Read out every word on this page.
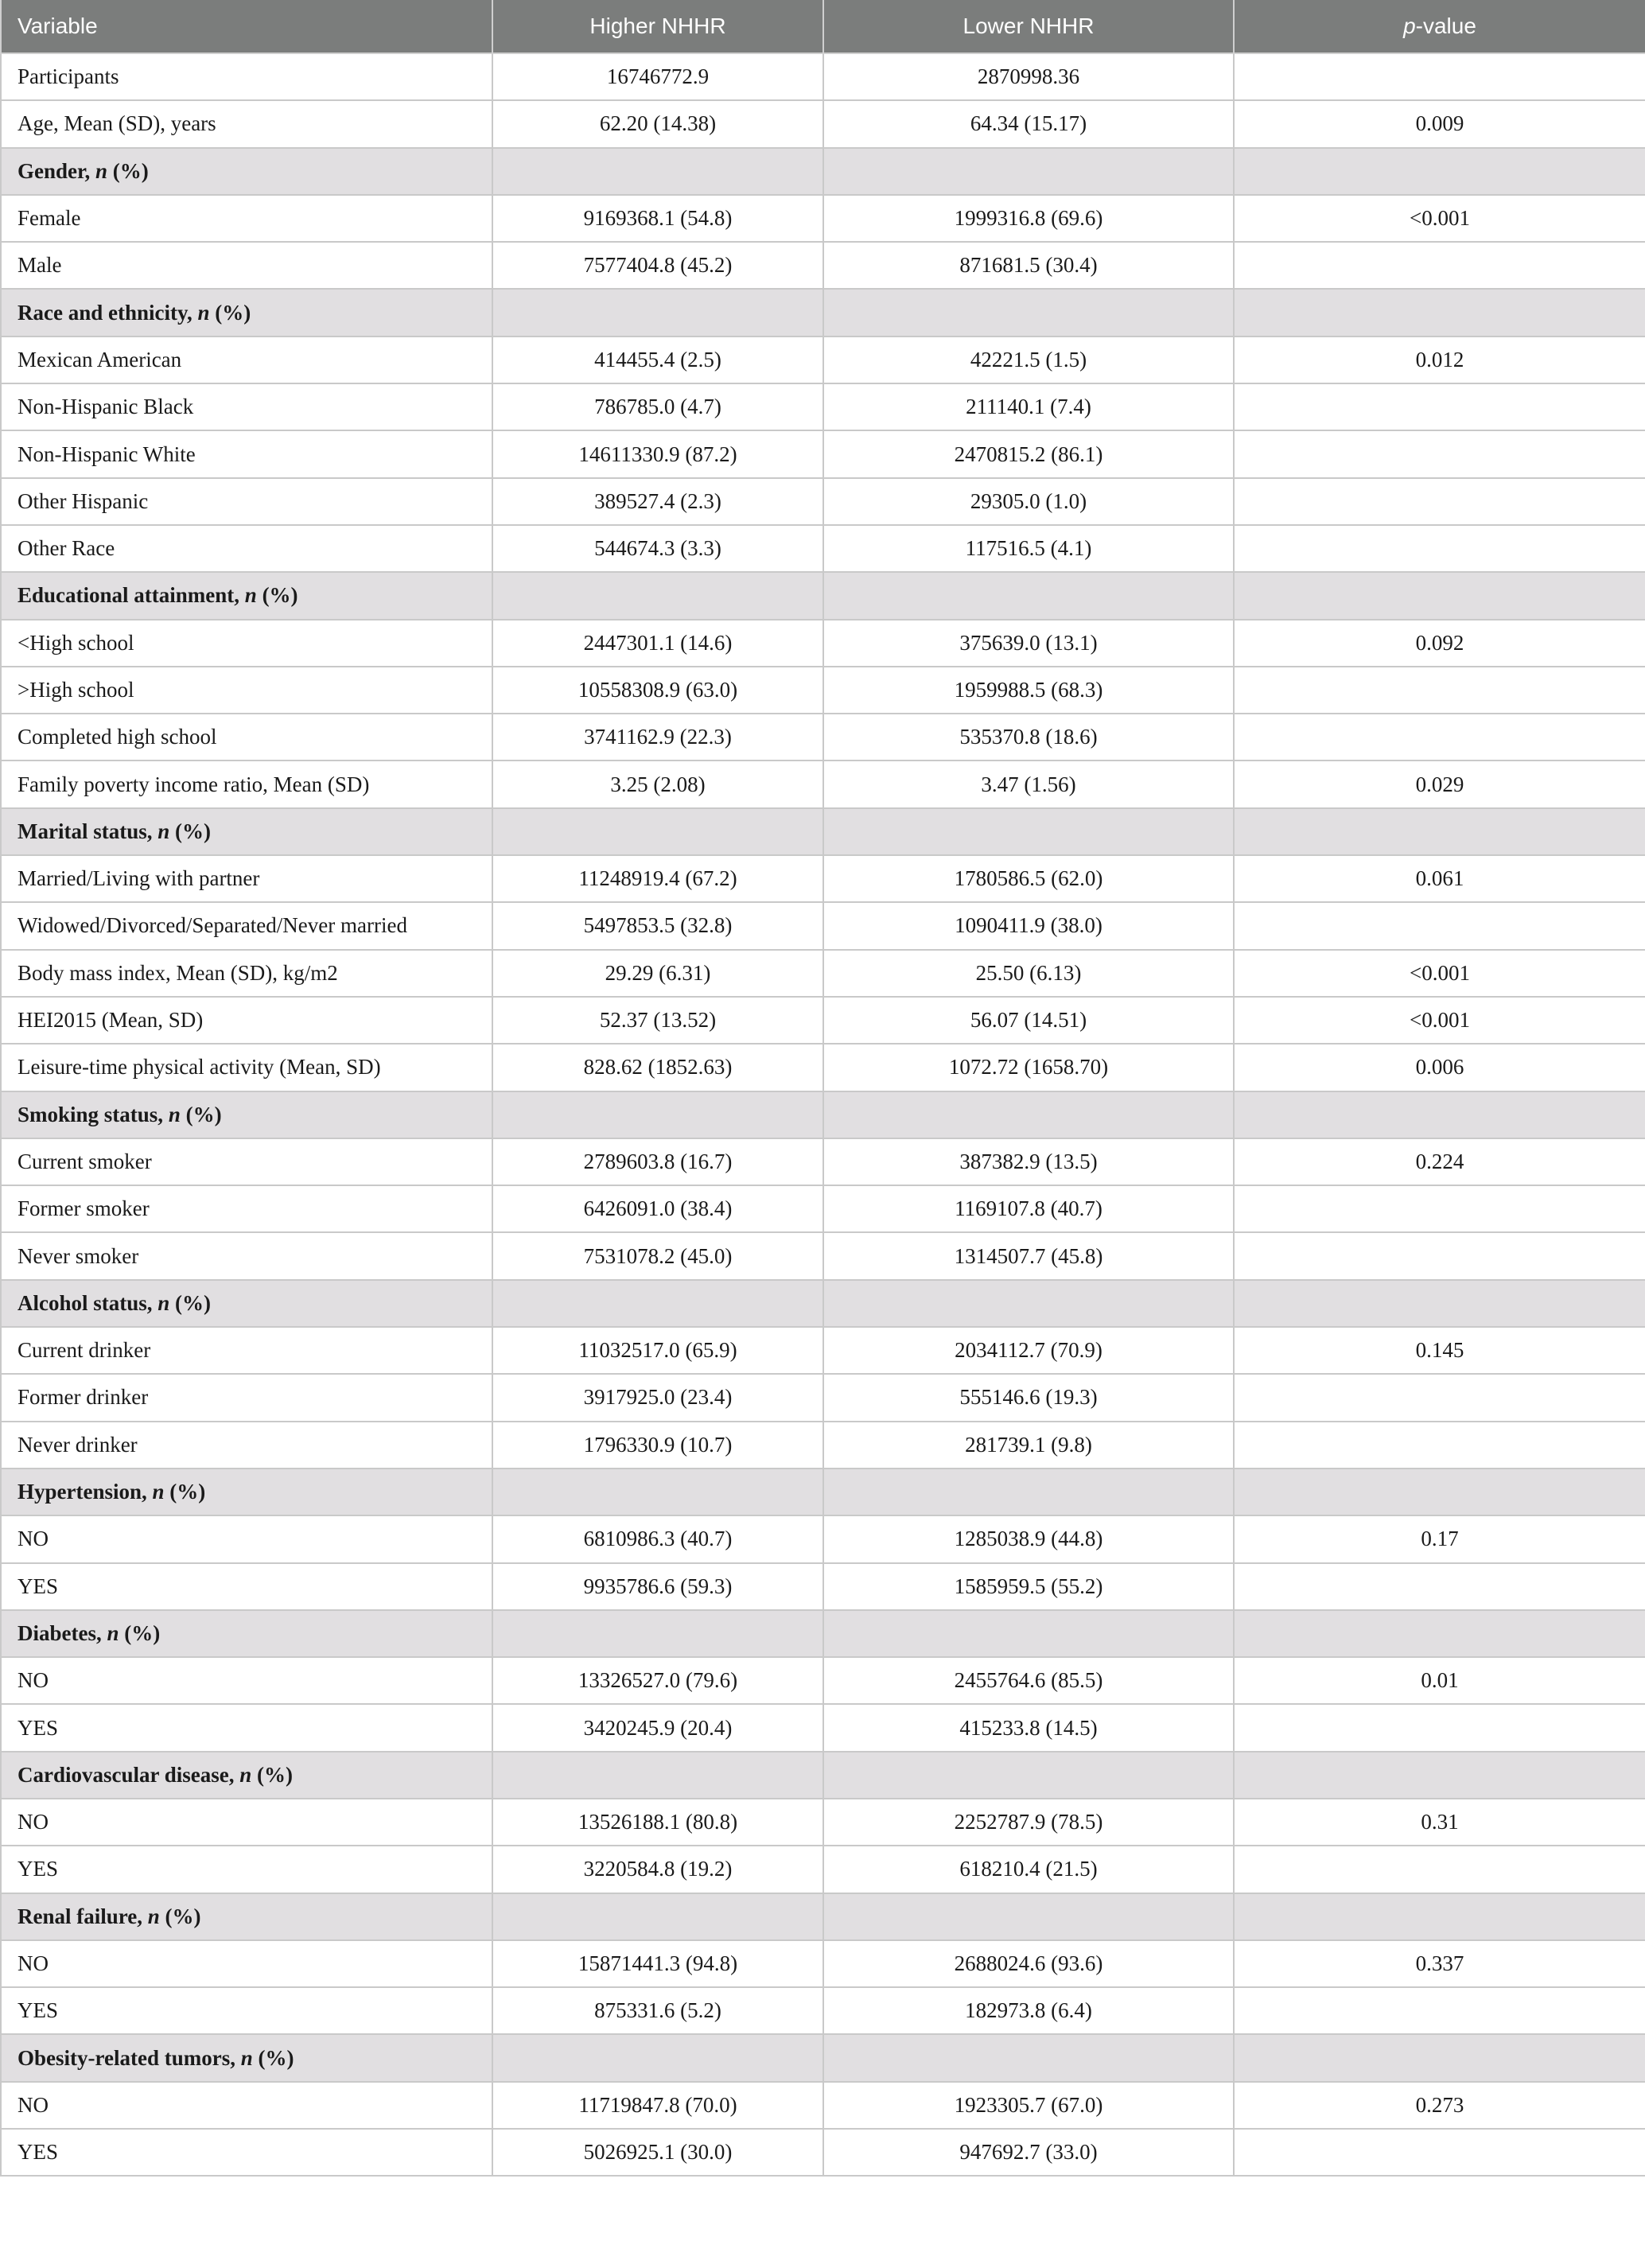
Variable	Higher NHHR	Lower NHHR	p-value
Participants	16746772.9	2870998.36	
Age, Mean (SD), years	62.20 (14.38)	64.34 (15.17)	0.009
Gender, n (%)			
Female	9169368.1 (54.8)	1999316.8 (69.6)	<0.001
Male	7577404.8 (45.2)	871681.5 (30.4)	
Race and ethnicity, n (%)			
Mexican American	414455.4 (2.5)	42221.5 (1.5)	0.012
Non-Hispanic Black	786785.0 (4.7)	211140.1 (7.4)	
Non-Hispanic White	14611330.9 (87.2)	2470815.2 (86.1)	
Other Hispanic	389527.4 (2.3)	29305.0 (1.0)	
Other Race	544674.3 (3.3)	117516.5 (4.1)	
Educational attainment, n (%)			
<High school	2447301.1 (14.6)	375639.0 (13.1)	0.092
>High school	10558308.9 (63.0)	1959988.5 (68.3)	
Completed high school	3741162.9 (22.3)	535370.8 (18.6)	
Family poverty income ratio, Mean (SD)	3.25 (2.08)	3.47 (1.56)	0.029
Marital status, n (%)			
Married/Living with partner	11248919.4 (67.2)	1780586.5 (62.0)	0.061
Widowed/Divorced/Separated/Never married	5497853.5 (32.8)	1090411.9 (38.0)	
Body mass index, Mean (SD), kg/m2	29.29 (6.31)	25.50 (6.13)	<0.001
HEI2015 (Mean, SD)	52.37 (13.52)	56.07 (14.51)	<0.001
Leisure-time physical activity (Mean, SD)	828.62 (1852.63)	1072.72 (1658.70)	0.006
Smoking status, n (%)			
Current smoker	2789603.8 (16.7)	387382.9 (13.5)	0.224
Former smoker	6426091.0 (38.4)	1169107.8 (40.7)	
Never smoker	7531078.2 (45.0)	1314507.7 (45.8)	
Alcohol status, n (%)			
Current drinker	11032517.0 (65.9)	2034112.7 (70.9)	0.145
Former drinker	3917925.0 (23.4)	555146.6 (19.3)	
Never drinker	1796330.9 (10.7)	281739.1 (9.8)	
Hypertension, n (%)			
NO	6810986.3 (40.7)	1285038.9 (44.8)	0.17
YES	9935786.6 (59.3)	1585959.5 (55.2)	
Diabetes, n (%)			
NO	13326527.0 (79.6)	2455764.6 (85.5)	0.01
YES	3420245.9 (20.4)	415233.8 (14.5)	
Cardiovascular disease, n (%)			
NO	13526188.1 (80.8)	2252787.9 (78.5)	0.31
YES	3220584.8 (19.2)	618210.4 (21.5)	
Renal failure, n (%)			
NO	15871441.3 (94.8)	2688024.6 (93.6)	0.337
YES	875331.6 (5.2)	182973.8 (6.4)	
Obesity-related tumors, n (%)			
NO	11719847.8 (70.0)	1923305.7 (67.0)	0.273
YES	5026925.1 (30.0)	947692.7 (33.0)	
